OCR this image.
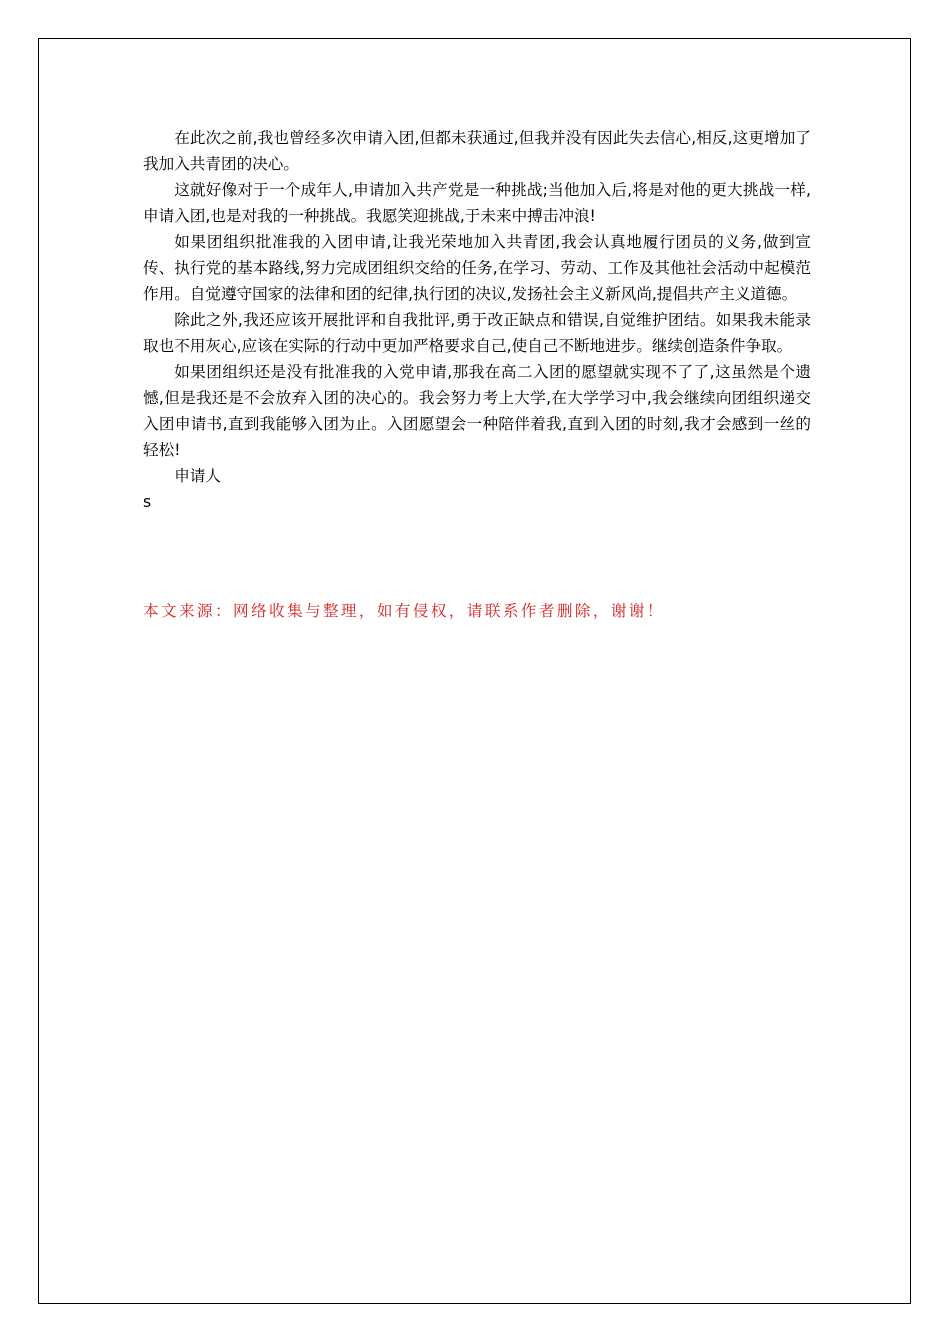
在此次之前,我也曾经多次申请入团,但都未获通过,但我并没有因此失去信心,相反,这更增加了我加入共青团的决心。

这就好像对于一个成年人,申请加入共产党是一种挑战;当他加入后,将是对他的更大挑战一样,申请入团,也是对我的一种挑战。我愿笑迎挑战,于未来中搏击冲浪!

如果团组织批准我的入团申请,让我光荣地加入共青团,我会认真地履行团员的义务,做到宣传、执行党的基本路线,努力完成团组织交给的任务,在学习、劳动、工作及其他社会活动中起模范作用。自觉遵守国家的法律和团的纪律,执行团的决议,发扬社会主义新风尚,提倡共产主义道德。

除此之外,我还应该开展批评和自我批评,勇于改正缺点和错误,自觉维护团结。如果我未能录取也不用灰心,应该在实际的行动中更加严格要求自己,使自己不断地进步。继续创造条件争取。

如果团组织还是没有批准我的入党申请,那我在高二入团的愿望就实现不了了,这虽然是个遗憾,但是我还是不会放弃入团的决心的。我会努力考上大学,在大学学习中,我会继续向团组织递交入团申请书,直到我能够入团为止。入团愿望会一种陪伴着我,直到入团的时刻,我才会感到一丝的轻松!

申请人

s

本文来源：网络收集与整理，如有侵权，请联系作者删除，谢谢！
